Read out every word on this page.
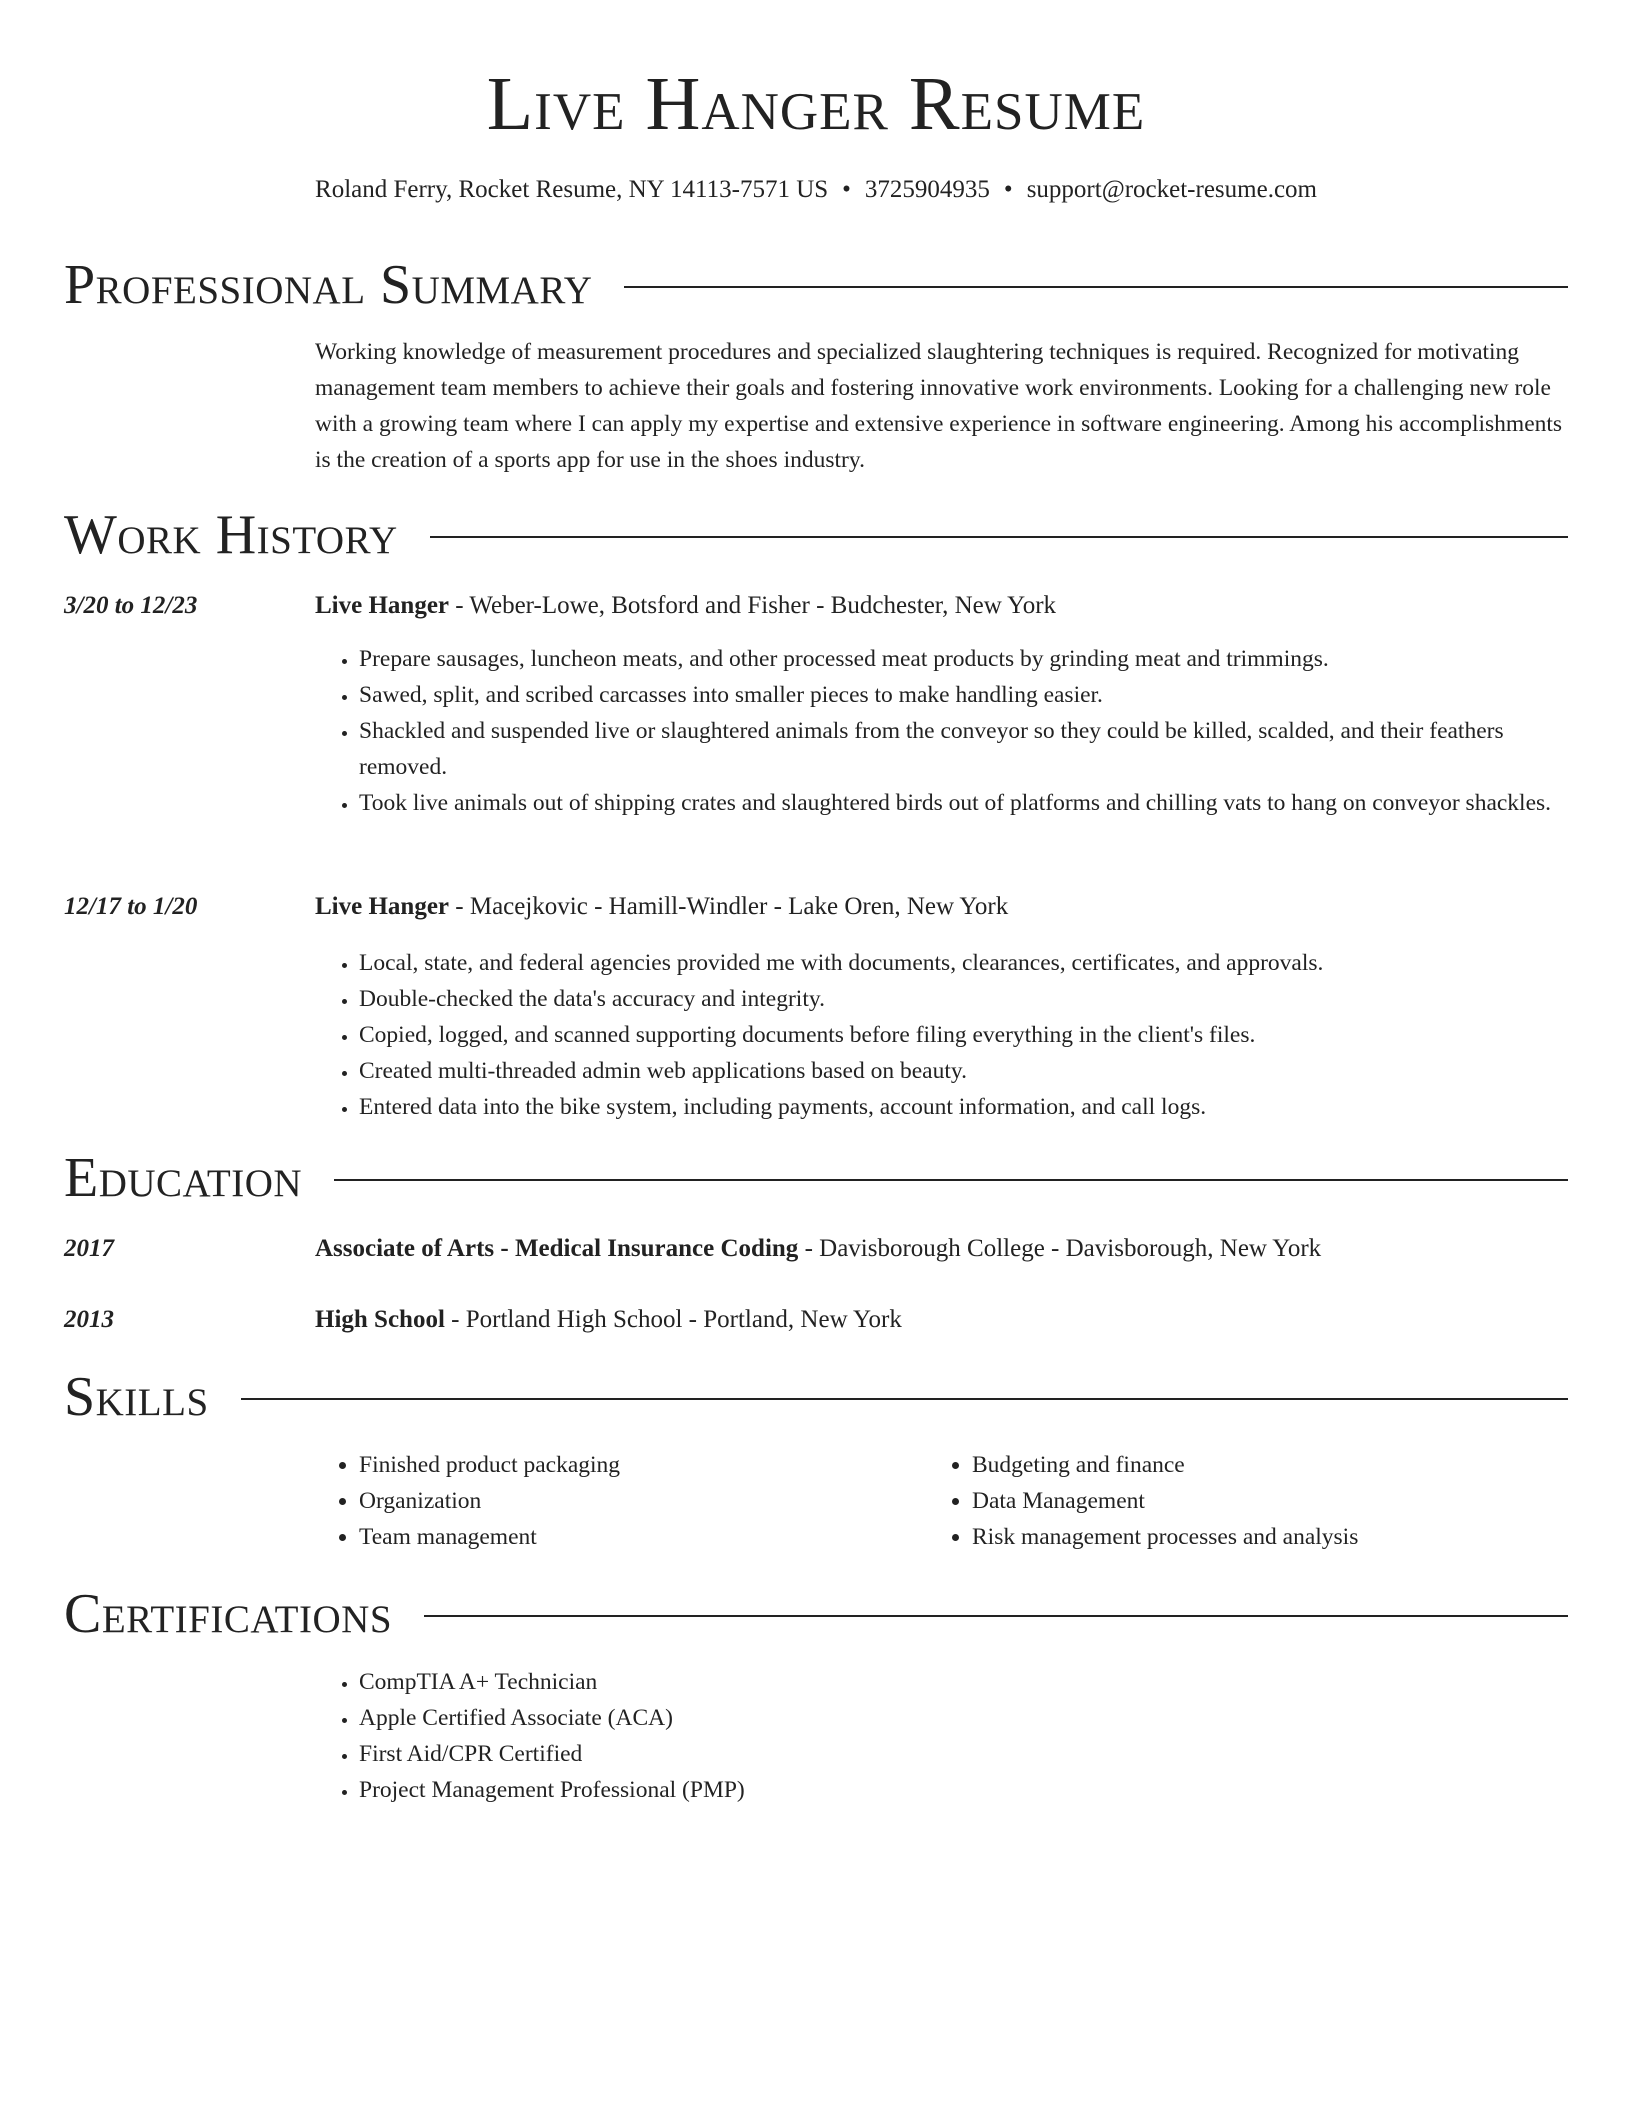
Live Hanger Resume
Roland Ferry, Rocket Resume, NY 14113-7571 US • 3725904935 • support@rocket-resume.com
Professional Summary
Working knowledge of measurement procedures and specialized slaughtering techniques is required. Recognized for motivating management team members to achieve their goals and fostering innovative work environments. Looking for a challenging new role with a growing team where I can apply my expertise and extensive experience in software engineering. Among his accomplishments is the creation of a sports app for use in the shoes industry.
Work History
3/20 to 12/23	Live Hanger - Weber-Lowe, Botsford and Fisher - Budchester, New York
• Prepare sausages, luncheon meats, and other processed meat products by grinding meat and trimmings.
• Sawed, split, and scribed carcasses into smaller pieces to make handling easier.
• Shackled and suspended live or slaughtered animals from the conveyor so they could be killed, scalded, and their feathers removed.
• Took live animals out of shipping crates and slaughtered birds out of platforms and chilling vats to hang on conveyor shackles.
12/17 to 1/20	Live Hanger - Macejkovic - Hamill-Windler - Lake Oren, New York
• Local, state, and federal agencies provided me with documents, clearances, certificates, and approvals.
• Double-checked the data's accuracy and integrity.
• Copied, logged, and scanned supporting documents before filing everything in the client's files.
• Created multi-threaded admin web applications based on beauty.
• Entered data into the bike system, including payments, account information, and call logs.
Education
2017	Associate of Arts - Medical Insurance Coding - Davisborough College - Davisborough, New York
2013	High School - Portland High School - Portland, New York
Skills
• Finished product packaging
• Organization
• Team management
• Budgeting and finance
• Data Management
• Risk management processes and analysis
Certifications
• CompTIA A+ Technician
• Apple Certified Associate (ACA)
• First Aid/CPR Certified
• Project Management Professional (PMP)
